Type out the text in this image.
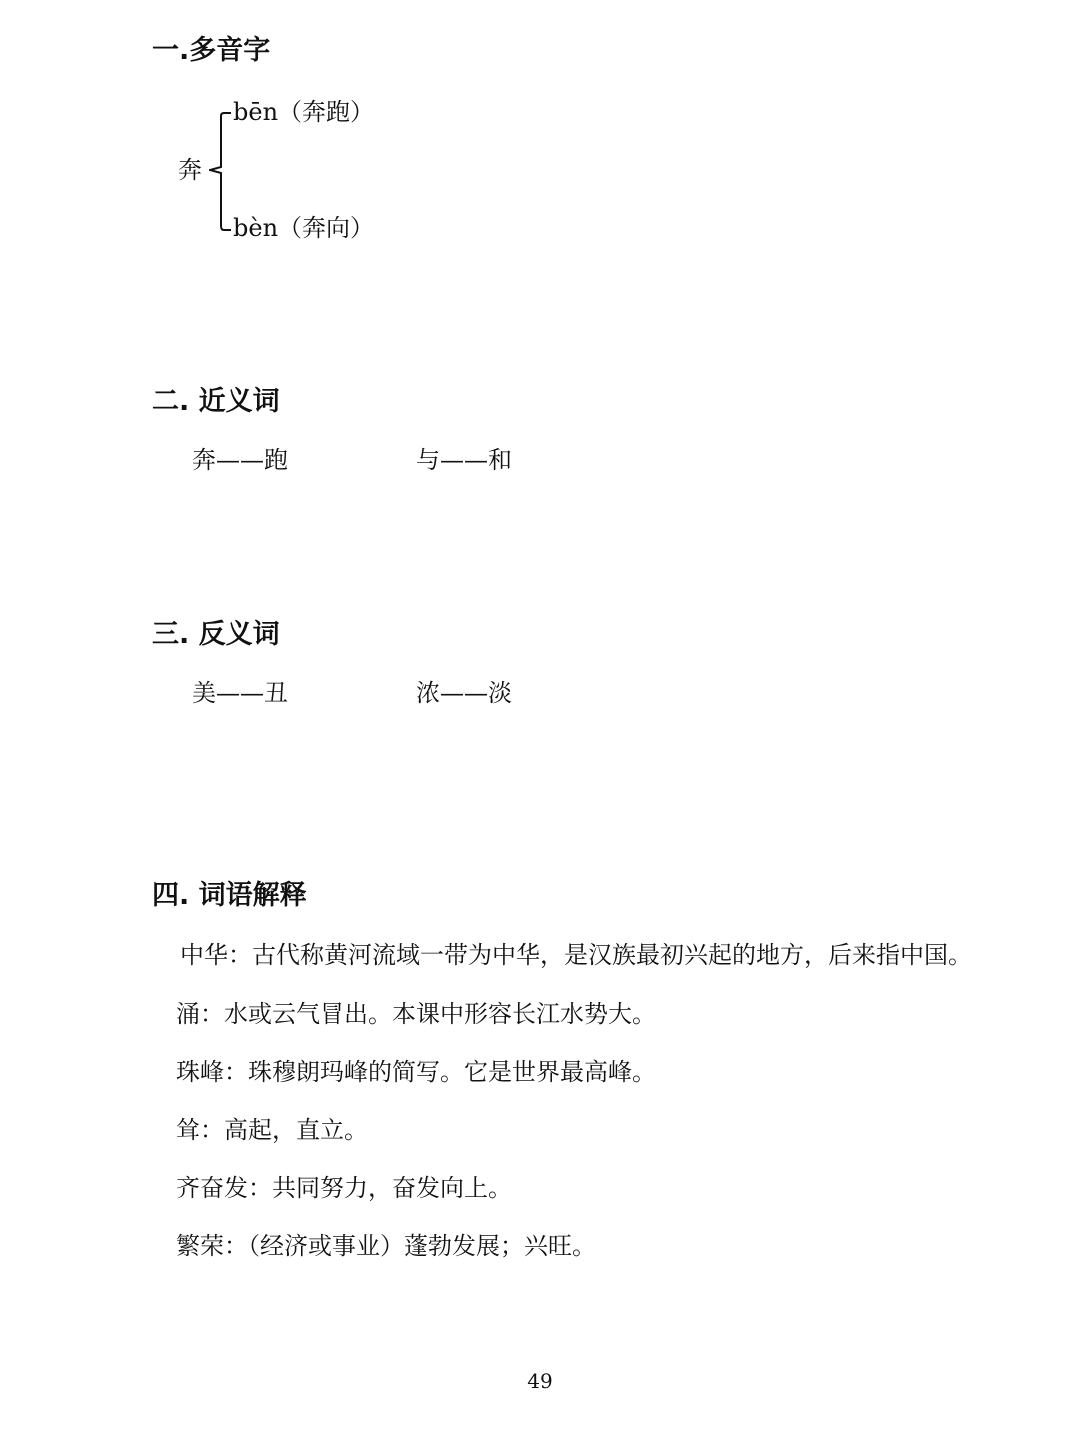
一.多音字
奔
bēn（奔跑）
bèn（奔向）
二. 近义词
奔——跑	与——和
三. 反义词
美——丑	浓——淡
四. 词语解释
中华：古代称黄河流域一带为中华，是汉族最初兴起的地方，后来指中国。
涌：水或云气冒出。本课中形容长江水势大。
珠峰：珠穆朗玛峰的简写。它是世界最高峰。
耸：高起，直立。
齐奋发：共同努力，奋发向上。
繁荣：（经济或事业）蓬勃发展；兴旺。
49
